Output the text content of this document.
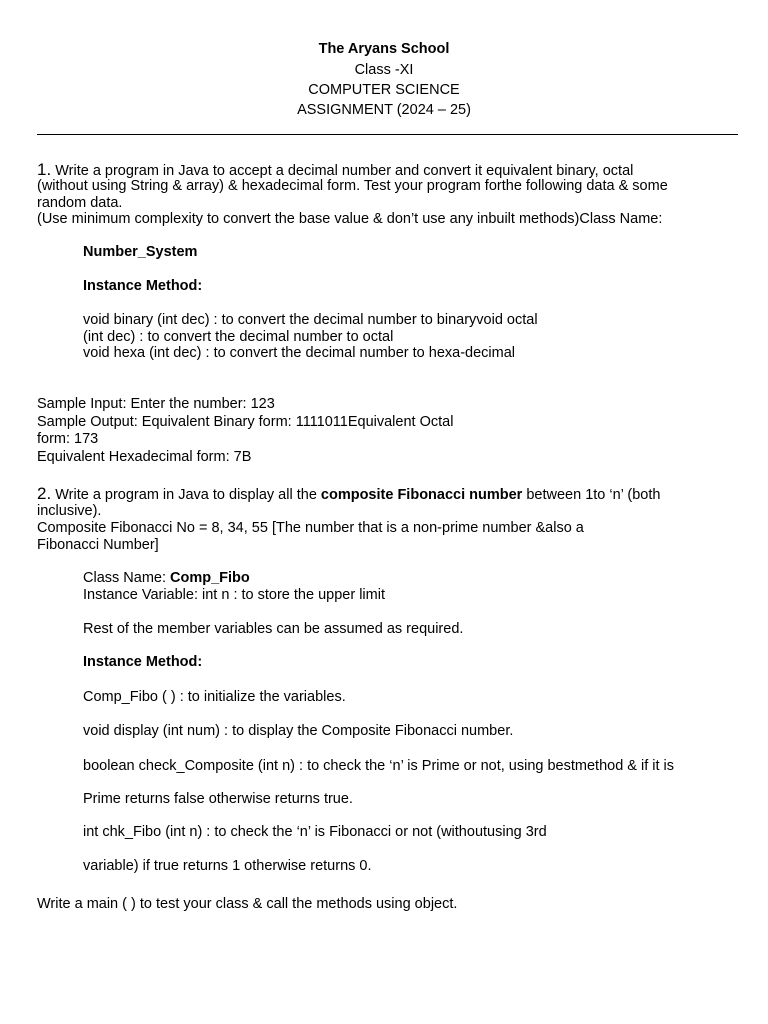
The Aryans School
Class -XI
COMPUTER SCIENCE
ASSIGNMENT (2024 – 25)
1. Write a program in Java to accept a decimal number and convert it equivalent binary, octal
(without using String & array) & hexadecimal form. Test your program forthe following data & some
random data.
(Use minimum complexity to convert the base value & don’t use any inbuilt methods)Class Name:
Number_System
Instance Method:
void binary (int dec) : to convert the decimal number to binaryvoid octal
(int dec) : to convert the decimal number to octal
void hexa (int dec) : to convert the decimal number to hexa-decimal
Sample Input: Enter the number: 123
Sample Output: Equivalent Binary form: 1111011Equivalent Octal
form: 173
Equivalent Hexadecimal form: 7B
2. Write a program in Java to display all the composite Fibonacci number between 1to ‘n’ (both
inclusive).
Composite Fibonacci No = 8, 34, 55 [The number that is a non-prime number &also a
Fibonacci Number]
Class Name: Comp_Fibo
Instance Variable: int n : to store the upper limit
Rest of the member variables can be assumed as required.
Instance Method:
Comp_Fibo ( ) : to initialize the variables.
void display (int num) : to display the Composite Fibonacci number.
boolean check_Composite (int n) : to check the ‘n’ is Prime or not, using bestmethod & if it is
Prime returns false otherwise returns true.
int chk_Fibo (int n) : to check the ‘n’ is Fibonacci or not (withoutusing 3rd
variable) if true returns 1 otherwise returns 0.
Write a main ( ) to test your class & call the methods using object.
